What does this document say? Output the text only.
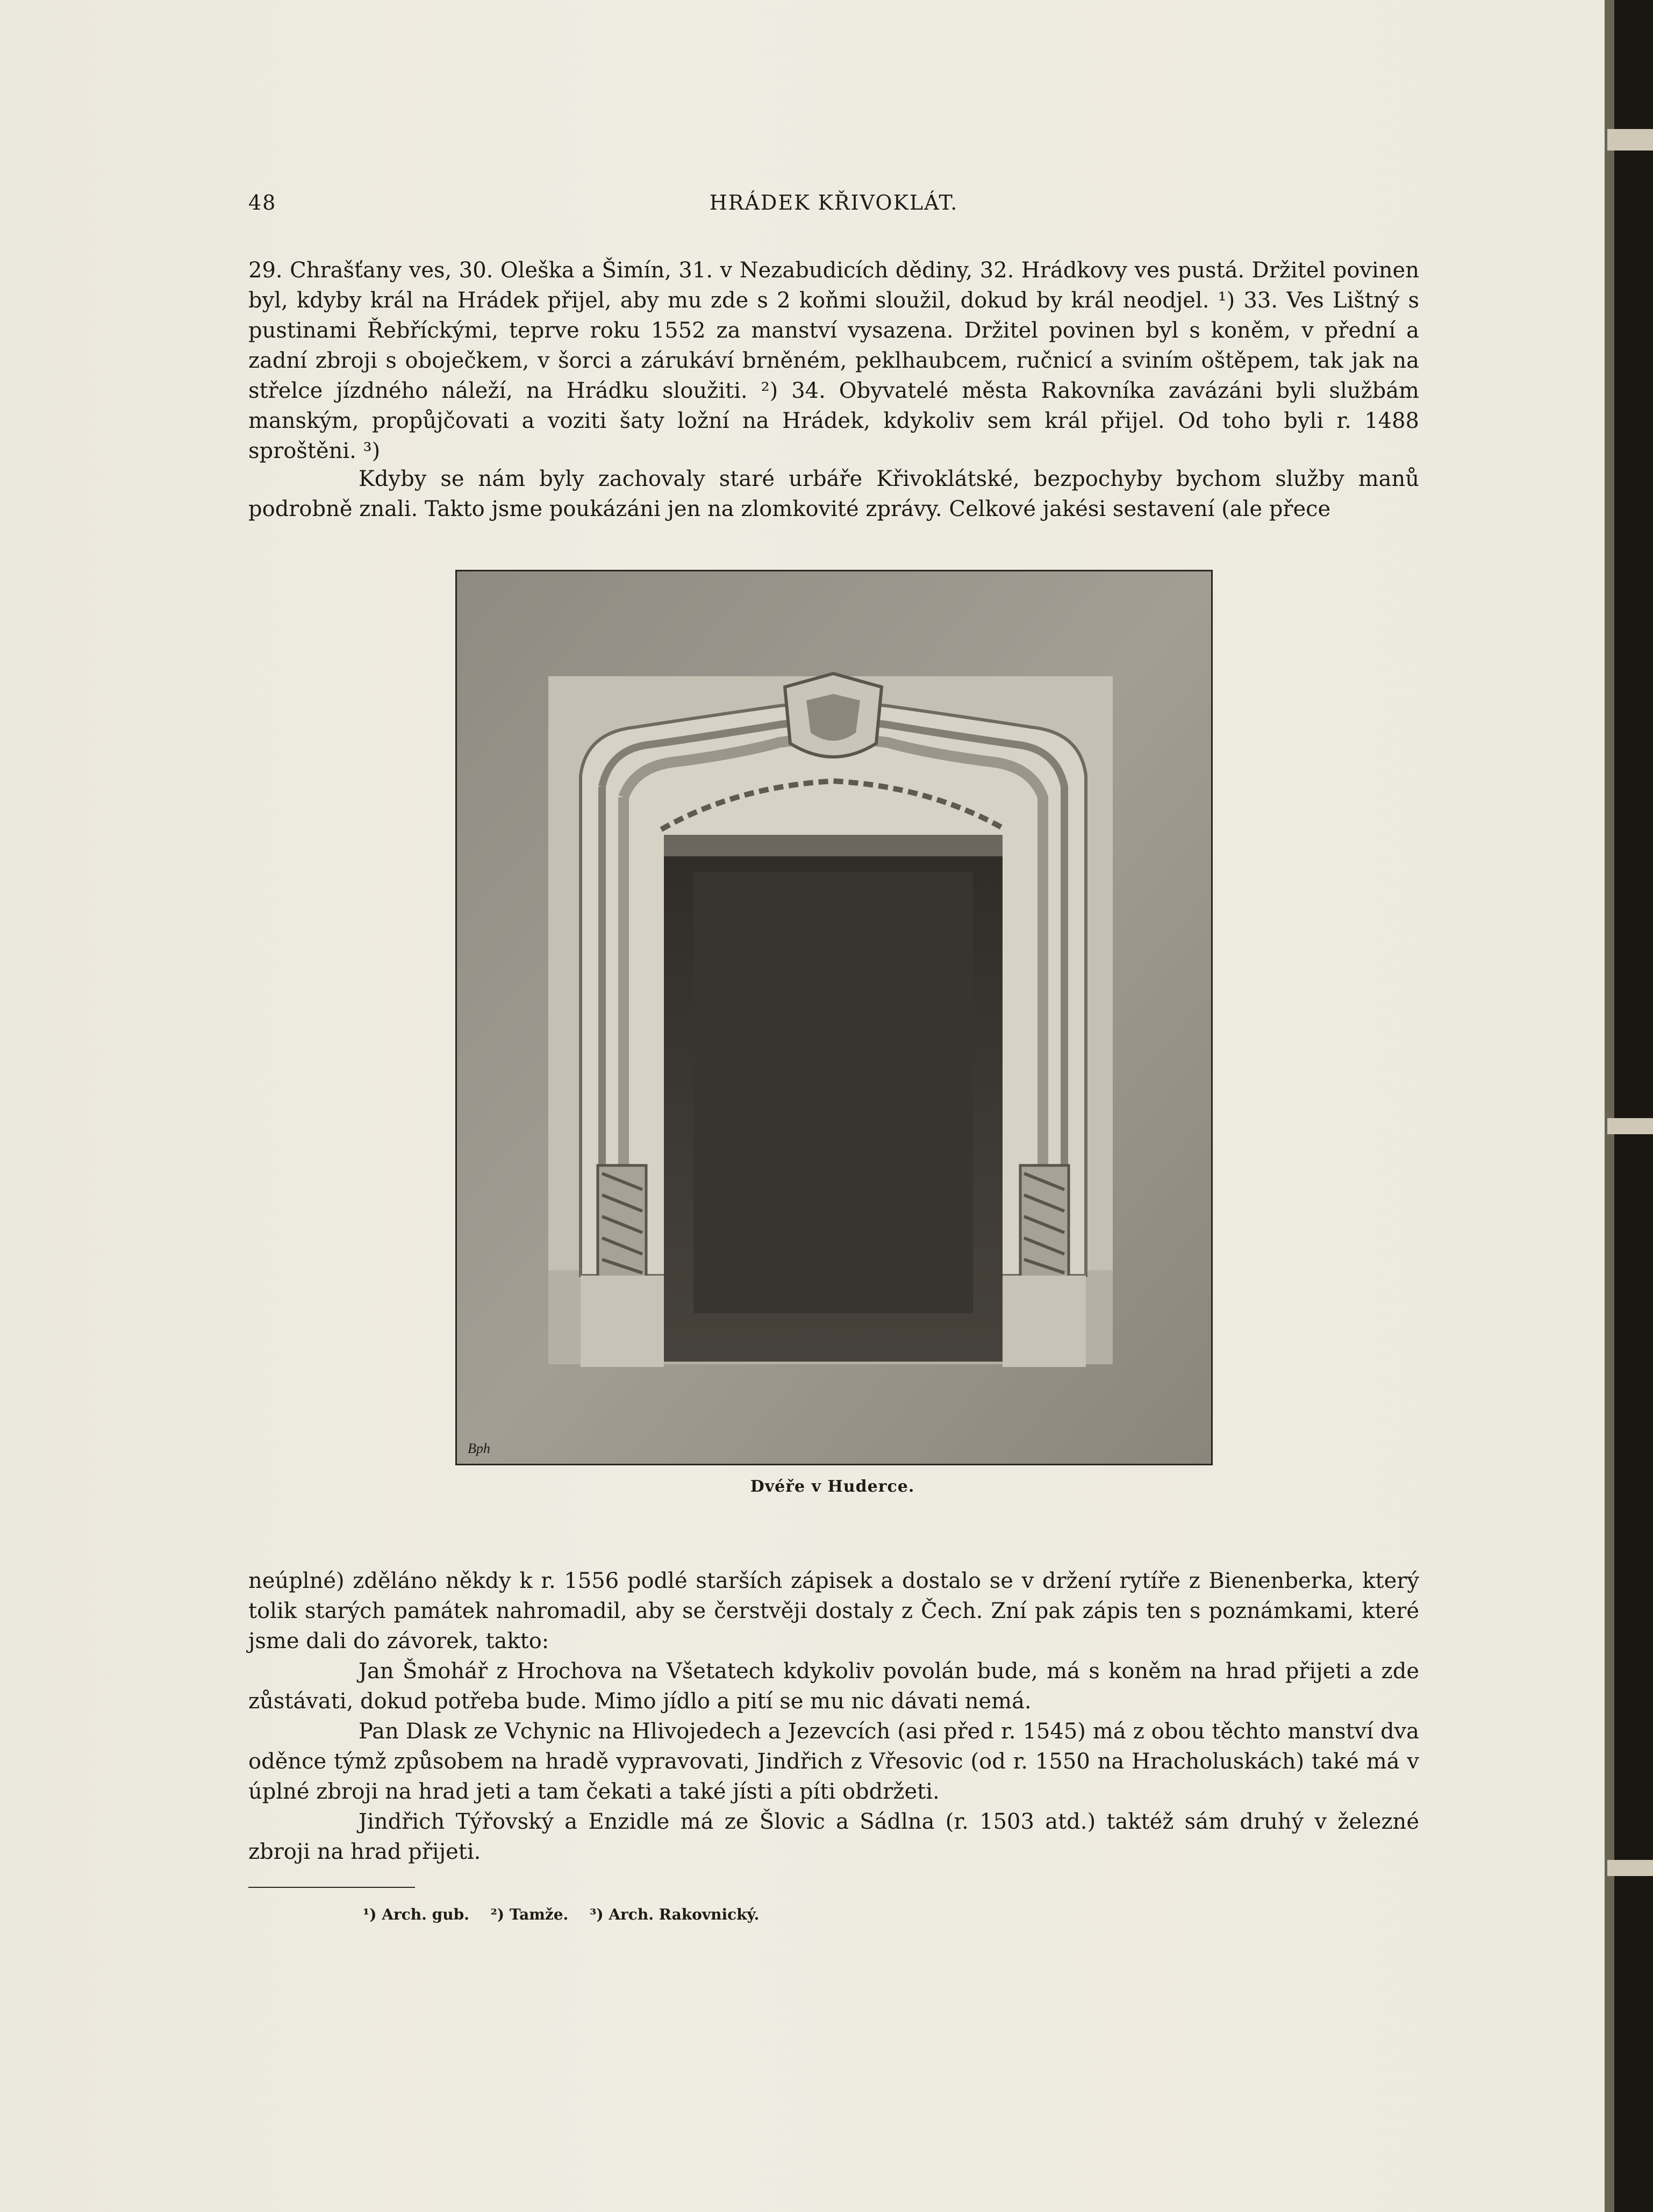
48	HRÁDEK KŘIVOKLÁT.

29. Chrašťany ves, 30. Oleška a Šimín, 31. v Nezabudicích dědiny, 32. Hrádkovy ves pustá. Držitel povinen byl, kdyby král na Hrádek přijel, aby mu zde s 2 koňmi sloužil, dokud by král neodjel. ¹) 33. Ves Lištný s pustinami Řebříckými, teprve roku 1552 za manství vysazena. Držitel povinen byl s koněm, v přední a zadní zbroji s oboječkem, v šorci a zárukáví brněném, peklhaubcem, ručnicí a sviním oštěpem, tak jak na střelce jízdného náleží, na Hrádku sloužiti. ²) 34. Obyvatelé města Rakovníka zavázáni byli službám manským, propůjčovati a voziti šaty ložní na Hrádek, kdykoliv sem král přijel. Od toho byli r. 1488 sproštěni. ³)

Kdyby se nám byly zachovaly staré urbáře Křivoklátské, bezpochyby bychom služby manů podrobně znali. Takto jsme poukázáni jen na zlomkovité zprávy. Celkové jakési sestavení (ale přece

Bph
Dvéře v Huderce.

neúplné) zděláno někdy k r. 1556 podlé starších zápisek a dostalo se v držení rytíře z Bienenberka, který tolik starých památek nahromadil, aby se čerstvěji dostaly z Čech. Zní pak zápis ten s poznámkami, které jsme dali do závorek, takto:

Jan Šmohář z Hrochova na Všetatech kdykoliv povolán bude, má s koněm na hrad přijeti a zde zůstávati, dokud potřeba bude. Mimo jídlo a pití se mu nic dávati nemá.

Pan Dlask ze Vchynic na Hlivojedech a Jezevcích (asi před r. 1545) má z obou těchto manství dva oděnce týmž způsobem na hradě vypravovati, Jindřich z Vřesovic (od r. 1550 na Hracholuskách) také má v úplné zbroji na hrad jeti a tam čekati a také jísti a píti obdržeti.

Jindřich Týřovský a Enzidle má ze Šlovic a Sádlna (r. 1503 atd.) taktéž sám druhý v železné zbroji na hrad přijeti.

¹) Arch. gub. ²) Tamže. ³) Arch. Rakovnický.
